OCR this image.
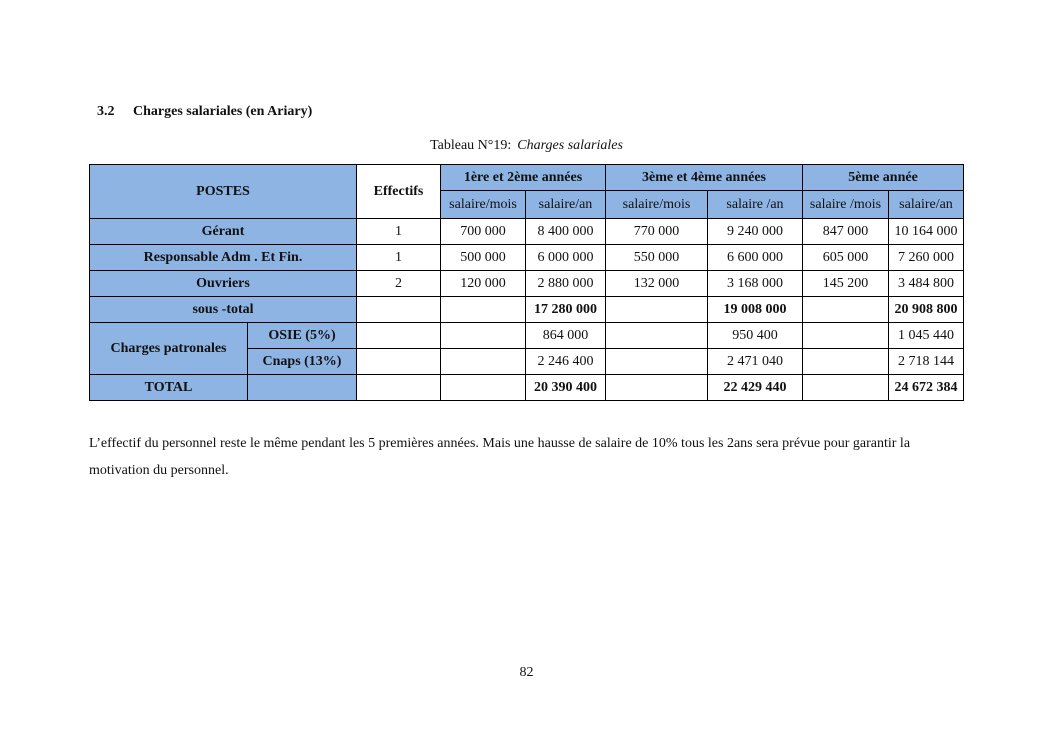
3.2 Charges salariales (en Ariary)
Tableau N°19: Charges salariales
POSTES		Effectifs	1ère et 2ème années		3ème et 4ème années		5ème année	
			salaire/mois	salaire/an	salaire/mois	salaire /an	salaire /mois	salaire/an
Gérant		1	700 000	8 400 000	770 000	9 240 000	847 000	10 164 000
Responsable Adm . Et Fin.		1	500 000	6 000 000	550 000	6 600 000	605 000	7 260 000
Ouvriers		2	120 000	2 880 000	132 000	3 168 000	145 200	3 484 800
sous -total				17 280 000		19 008 000		20 908 800
Charges patronales	OSIE (5%)			864 000		950 400		1 045 440
	Cnaps (13%)			2 246 400		2 471 040		2 718 144
TOTAL				20 390 400		22 429 440		24 672 384
L’effectif du personnel reste le même pendant les 5 premières années. Mais une hausse de salaire de 10% tous les 2ans sera prévue pour garantir la motivation du personnel.
82
